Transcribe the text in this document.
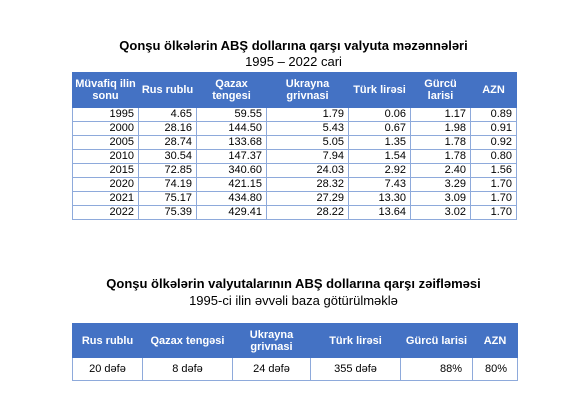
Qonşu ölkələrin ABŞ dollarına qarşı valyuta məzənnələri
1995 – 2022 cari
Müvafiq ilin sonu	Rus rublu	Qazax tengesi	Ukrayna grivnasi	Türk lirəsi	Gürcü larisi	AZN
1995	4.65	59.55	1.79	0.06	1.17	0.89
2000	28.16	144.50	5.43	0.67	1.98	0.91
2005	28.74	133.68	5.05	1.35	1.78	0.92
2010	30.54	147.37	7.94	1.54	1.78	0.80
2015	72.85	340.60	24.03	2.92	2.40	1.56
2020	74.19	421.15	28.32	7.43	3.29	1.70
2021	75.17	434.80	27.29	13.30	3.09	1.70
2022	75.39	429.41	28.22	13.64	3.02	1.70
Qonşu ölkələrin valyutalarının ABŞ dollarına qarşı zəifləməsi
1995-ci ilin əvvəli baza götürülməklə
Rus rublu	Qazax tengəsi	Ukrayna grivnasi	Türk lirəsi	Gürcü larisi	AZN
20 dəfə	8 dəfə	24 dəfə	355 dəfə	88%	80%
